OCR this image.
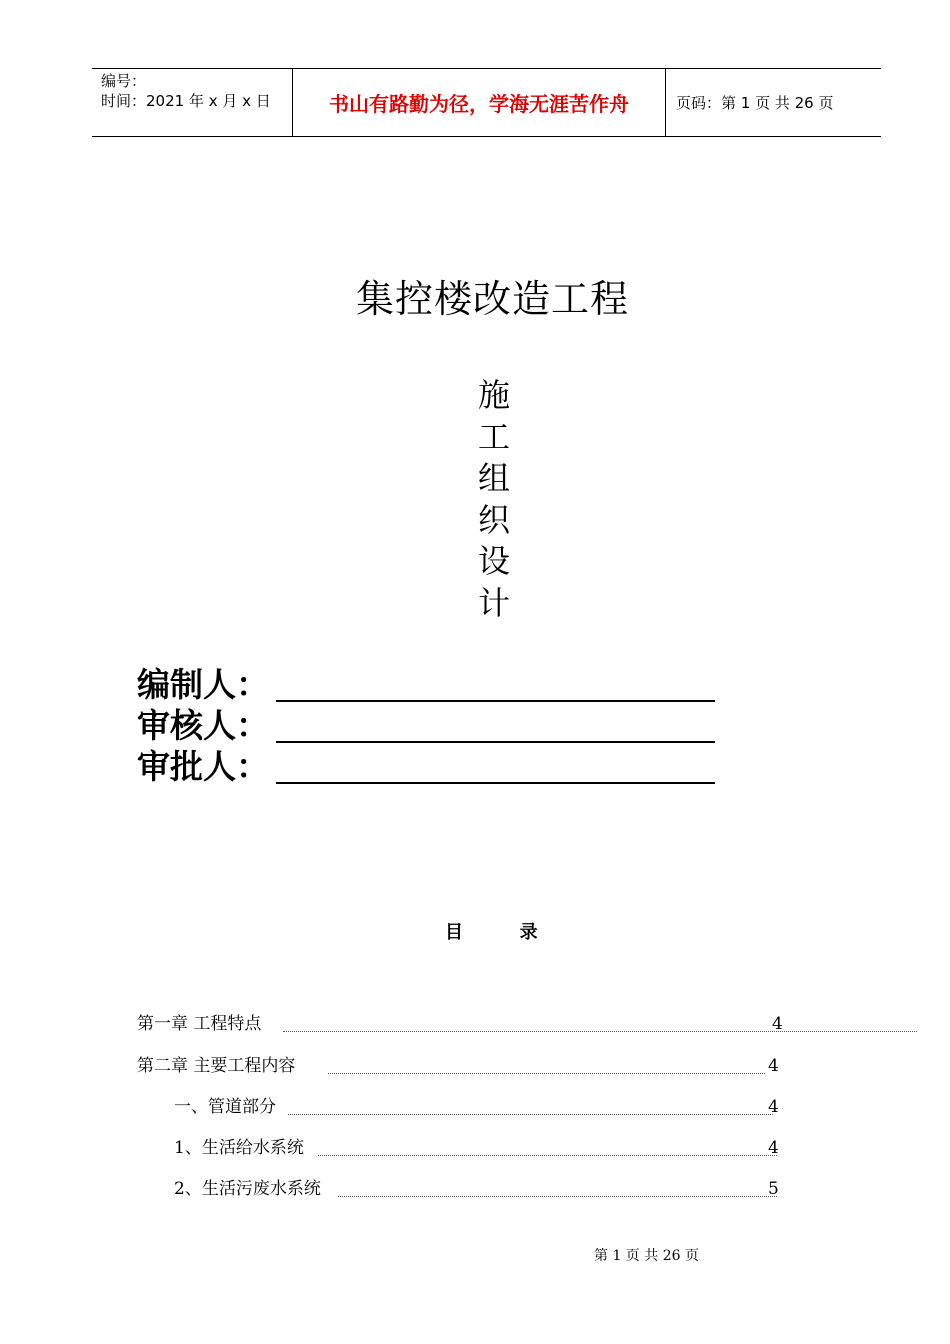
编号：
时间：2021 年 x 月 x 日	书山有路勤为径，学海无涯苦作舟	页码：第 1 页 共 26 页
集控楼改造工程
施
工
组
织
设
计
编制人：
审核人：
审批人：
目	录
第一章 工程特点	4
第二章 主要工程内容	4
一、管道部分	4
1、生活给水系统	4
2、生活污废水系统	5
第 1 页 共 26 页
